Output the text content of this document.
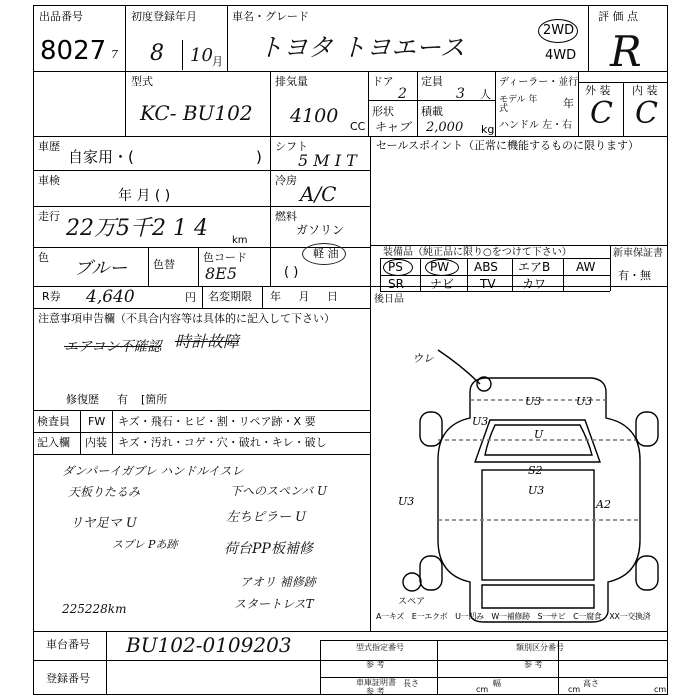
出品番号
8027 7
初度登録年月
8 10 月
車名・グレード
トヨタ トヨエース
2WD
4WD
評 価 点
R
型式
KC- BU102
排気量
4100 CC
ドア
2
定員
3 人
形状
キャブ
積載
2,000 kg
ディーラー・並行
モデル 年式	年
ハンドル 左・右
外 装 内 装
C C
車歴
自家用・(	)
車検
年 月 ( )
走行 22万5千2 1 4 km
色
ブルー 色替
色コード
8E5	( )
R券 4,640	円 名変期限 年 月 日
シフト
5 M I T
冷房
A/C
燃料
ガソリン
軽 油
セールスポイント（正常に機能するものに限ります）
装備品（純正品に限り○をつけて下さい）	新車保証書
有・無
PS PW ABS エアB AW
SR ナビ TV カワ
後日品
注意事項申告欄（不具合内容等は具体的に記入して下さい）
エアコン不確認 時計故障
修復歴 有 [箇所
検査員
記入欄
FW キズ・飛石・ヒビ・割・リペア跡・X 要
内装 キズ・汚れ・コゲ・穴・破れ・キレ・破し
ダンパーイガブレ ハンドルイスレ
天板りたるみ
リヤ足マ U
スプレ Pあ跡
下へのスペンバ U
左ちピラー U
荷台PP板補修
アオリ 補修跡
スタートレスT
225228km
U3	U3
U3
U
S2
U3
U3	A2
ウレ
スペア
A一キズ　E一エクボ　U一凹み　W一補修跡　S一サビ　C一腐食　XX一交換済
車台番号 BU102-0109203
登録番号
型式指定番号
参 考
類別区分番号
参 考
車庫証明書
参 考
長さ
cm
幅
cm
高さ
cm
